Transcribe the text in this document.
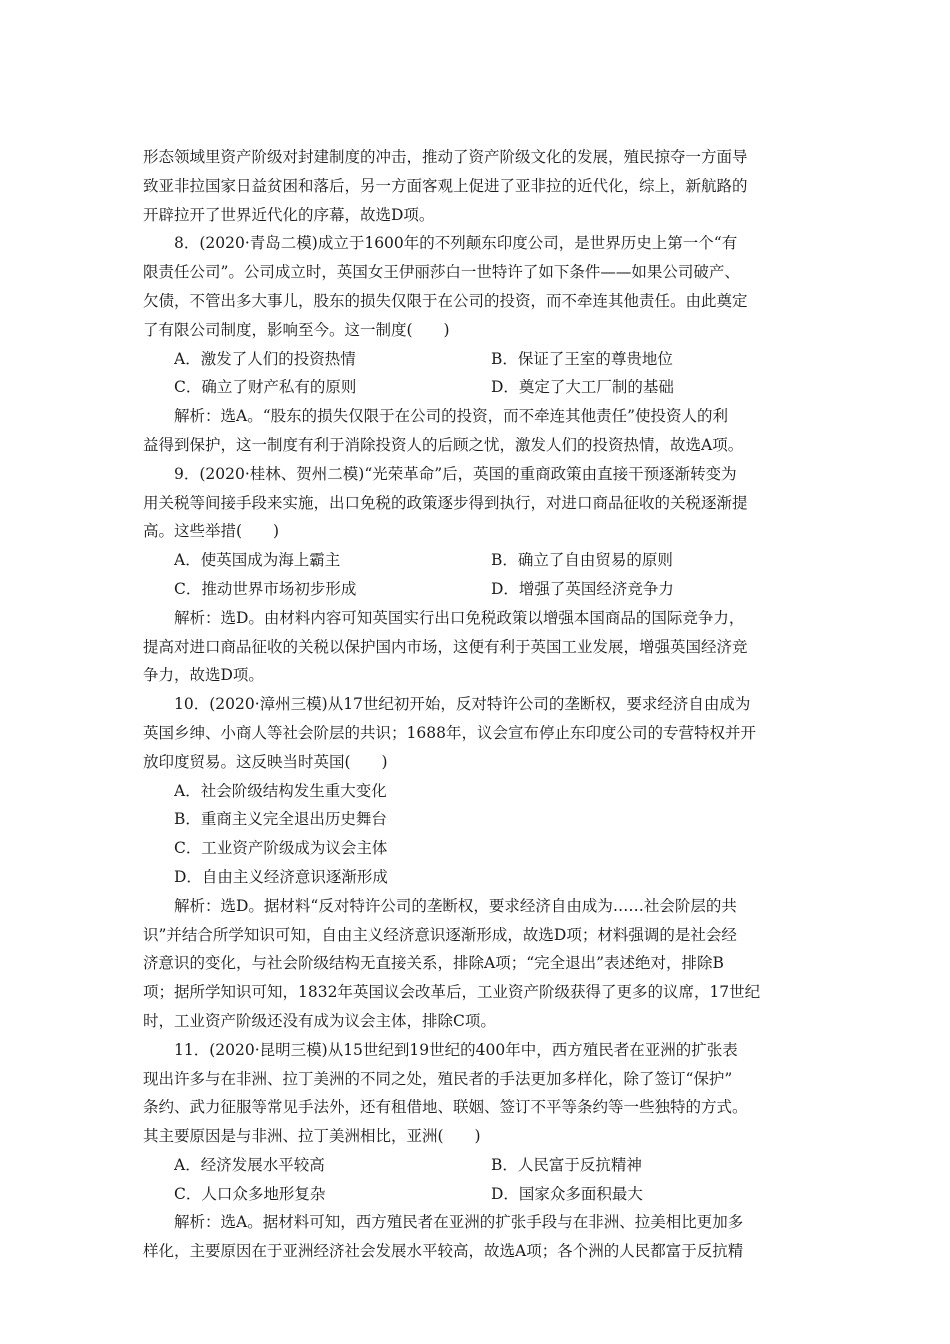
形态领域里资产阶级对封建制度的冲击，推动了资产阶级文化的发展，殖民掠夺一方面导

致亚非拉国家日益贫困和落后，另一方面客观上促进了亚非拉的近代化，综上，新航路的

开辟拉开了世界近代化的序幕，故选D项。

8．(2020·青岛二模)成立于1600年的不列颠东印度公司，是世界历史上第一个“有

限责任公司”。公司成立时，英国女王伊丽莎白一世特许了如下条件——如果公司破产、

欠债，不管出多大事儿，股东的损失仅限于在公司的投资，而不牵连其他责任。由此奠定

了有限公司制度，影响至今。这一制度(　　)

A．激发了人们的投资热情	B．保证了王室的尊贵地位
C．确立了财产私有的原则	D．奠定了大工厂制的基础

解析：选A。“股东的损失仅限于在公司的投资，而不牵连其他责任”使投资人的利

益得到保护，这一制度有利于消除投资人的后顾之忧，激发人们的投资热情，故选A项。

9．(2020·桂林、贺州二模)“光荣革命”后，英国的重商政策由直接干预逐渐转变为

用关税等间接手段来实施，出口免税的政策逐步得到执行，对进口商品征收的关税逐渐提

高。这些举措(　　)

A．使英国成为海上霸主	B．确立了自由贸易的原则
C．推动世界市场初步形成	D．增强了英国经济竞争力

解析：选D。由材料内容可知英国实行出口免税政策以增强本国商品的国际竞争力，

提高对进口商品征收的关税以保护国内市场，这便有利于英国工业发展，增强英国经济竞

争力，故选D项。

10．(2020·漳州三模)从17世纪初开始，反对特许公司的垄断权，要求经济自由成为

英国乡绅、小商人等社会阶层的共识；1688年，议会宣布停止东印度公司的专营特权并开

放印度贸易。这反映当时英国(　　)

A．社会阶级结构发生重大变化

B．重商主义完全退出历史舞台

C．工业资产阶级成为议会主体

D．自由主义经济意识逐渐形成

解析：选D。据材料“反对特许公司的垄断权，要求经济自由成为……社会阶层的共

识”并结合所学知识可知，自由主义经济意识逐渐形成，故选D项；材料强调的是社会经

济意识的变化，与社会阶级结构无直接关系，排除A项；“完全退出”表述绝对，排除B

项；据所学知识可知，1832年英国议会改革后，工业资产阶级获得了更多的议席，17世纪

时，工业资产阶级还没有成为议会主体，排除C项。

11．(2020·昆明三模)从15世纪到19世纪的400年中，西方殖民者在亚洲的扩张表

现出许多与在非洲、拉丁美洲的不同之处，殖民者的手法更加多样化，除了签订“保护”

条约、武力征服等常见手法外，还有租借地、联姻、签订不平等条约等一些独特的方式。

其主要原因是与非洲、拉丁美洲相比，亚洲(　　)

A．经济发展水平较高	B．人民富于反抗精神
C．人口众多地形复杂	D．国家众多面积最大

解析：选A。据材料可知，西方殖民者在亚洲的扩张手段与在非洲、拉美相比更加多

样化，主要原因在于亚洲经济社会发展水平较高，故选A项；各个洲的人民都富于反抗精
